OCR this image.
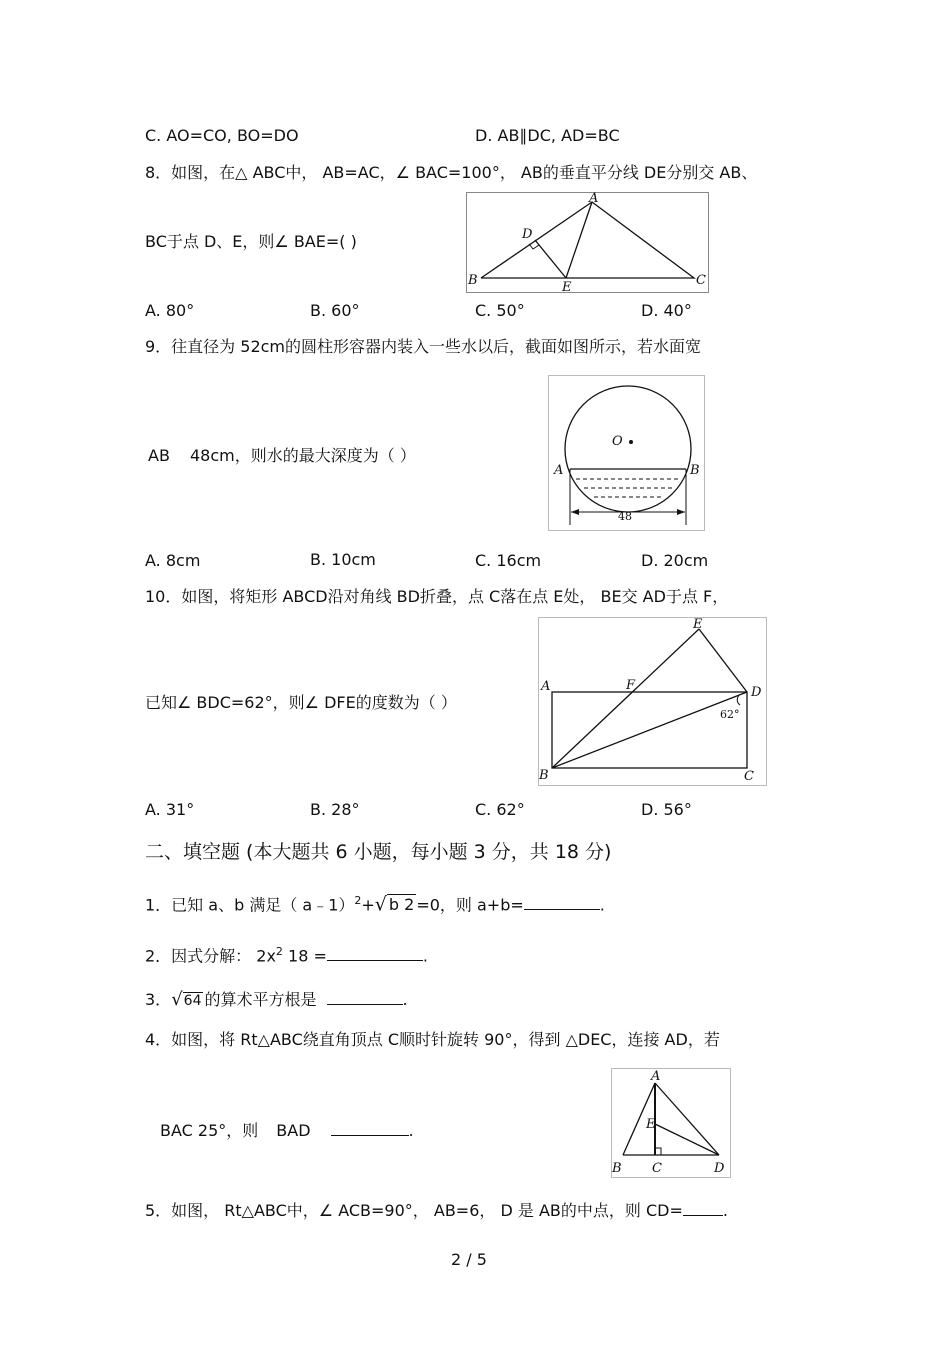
C. AO=CO, BO=DO	D. AB∥DC, AD=BC
8．如图，在△ ABC中， AB=AC，∠ BAC=100°， AB的垂直平分线 DE分别交 AB、
BC于点 D、E，则∠ BAE=( )
A
B	C
D
E
A. 80°	B. 60°	C. 50°	D. 40°
9．往直径为 52cm的圆柱形容器内装入一些水以后，截面如图所示，若水面宽
AB 48cm，则水的最大深度为（ ）
O
A	B
48
A. 8cm	B. 10cm	C. 16cm	D. 20cm
10．如图，将矩形 ABCD沿对角线 BD折叠，点 C落在点 E处， BE交 AD于点 F，
已知∠ BDC=62°，则∠ DFE的度数为（ ）
E
A	F	D
62°
B	C
A. 31°	B. 28°	C. 62°	D. 56°
二、填空题 (本大题共 6 小题，每小题 3 分，共 18 分)
1．已知 a、b 满足（ a﹣1）$^2$+√ b 2 =0，则 a+b=	.
2．因式分解： $2x^2$ 18 =	.
3．√64 的算术平方根是	.
4．如图，将 Rt△ABC绕直角顶点 C顺时针旋转 90°，得到 △DEC，连接 AD，若
BAC 25°，则 BAD	.
A
E
B C	D
5．如图， Rt△ABC中，∠ ACB=90°， AB=6， D 是 AB的中点，则 CD=	.
2 / 5
